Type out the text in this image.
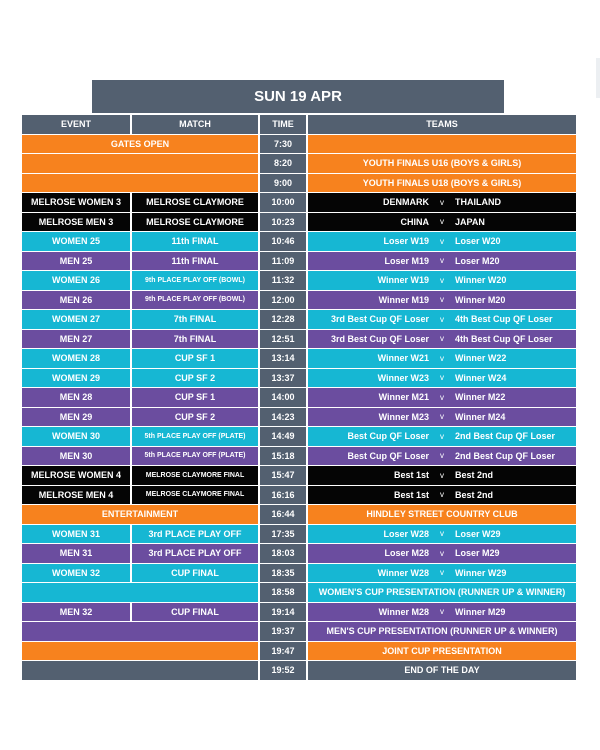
SUN 19 APR
EVENT	MATCH	TIME	TEAMS
GATES OPEN	7:30
8:20	YOUTH FINALS U16 (BOYS & GIRLS)
9:00	YOUTH FINALS U18 (BOYS & GIRLS)
MELROSE WOMEN 3	MELROSE CLAYMORE	10:00	DENMARK	v	THAILAND
MELROSE MEN 3	MELROSE CLAYMORE	10:23	CHINA	v	JAPAN
WOMEN 25	11th FINAL	10:46	Loser W19	v	Loser W20
MEN 25	11th FINAL	11:09	Loser M19	v	Loser M20
WOMEN 26	9th PLACE PLAY OFF (BOWL)	11:32	Winner W19	v	Winner W20
MEN 26	9th PLACE PLAY OFF (BOWL)	12:00	Winner M19	v	Winner M20
WOMEN 27	7th FINAL	12:28	3rd Best Cup QF Loser	v	4th Best Cup QF Loser
MEN 27	7th FINAL	12:51	3rd Best Cup QF Loser	v	4th Best Cup QF Loser
WOMEN 28	CUP SF 1	13:14	Winner W21	v	Winner W22
WOMEN 29	CUP SF 2	13:37	Winner W23	v	Winner W24
MEN 28	CUP SF 1	14:00	Winner M21	v	Winner M22
MEN 29	CUP SF 2	14:23	Winner M23	v	Winner M24
WOMEN 30	5th PLACE PLAY OFF (PLATE)	14:49	Best Cup QF Loser	v	2nd Best Cup QF Loser
MEN 30	5th PLACE PLAY OFF (PLATE)	15:18	Best Cup QF Loser	v	2nd Best Cup QF Loser
MELROSE WOMEN 4	MELROSE CLAYMORE FINAL	15:47	Best 1st	v	Best 2nd
MELROSE MEN 4	MELROSE CLAYMORE FINAL	16:16	Best 1st	v	Best 2nd
ENTERTAINMENT	16:44	HINDLEY STREET COUNTRY CLUB
WOMEN 31	3rd PLACE PLAY OFF	17:35	Loser W28	v	Loser W29
MEN 31	3rd PLACE PLAY OFF	18:03	Loser M28	v	Loser M29
WOMEN 32	CUP FINAL	18:35	Winner W28	v	Winner W29
18:58	WOMEN'S CUP PRESENTATION (RUNNER UP & WINNER)
MEN 32	CUP FINAL	19:14	Winner M28	v	Winner M29
19:37	MEN'S CUP PRESENTATION (RUNNER UP & WINNER)
19:47	JOINT CUP PRESENTATION
19:52	END OF THE DAY
